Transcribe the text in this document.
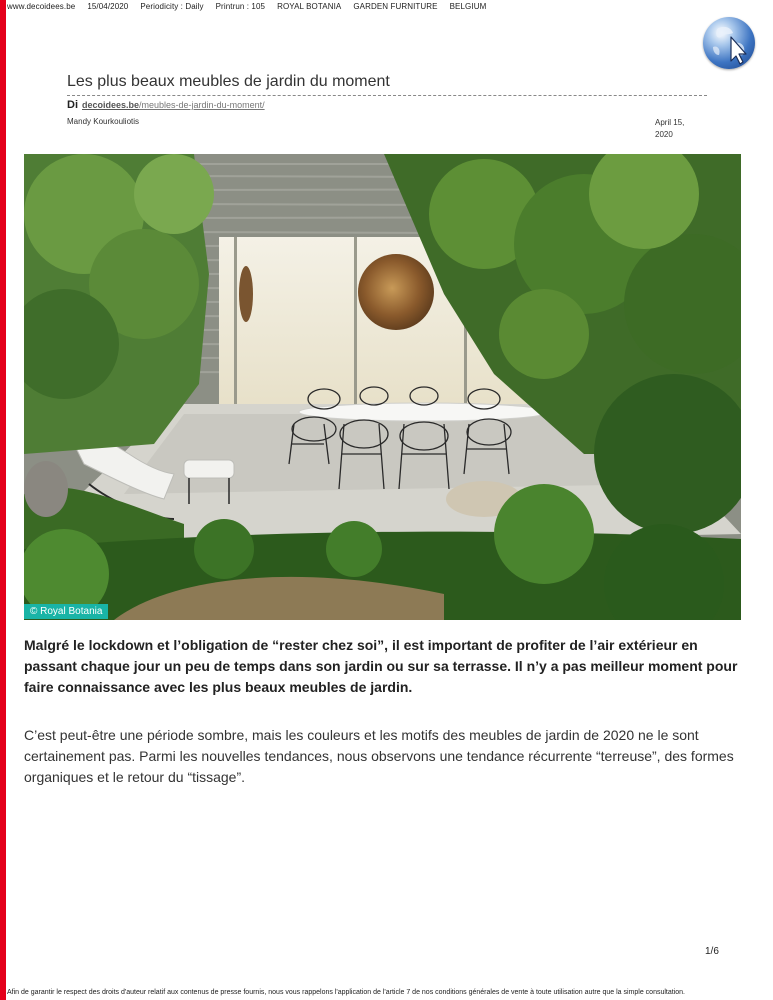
www.decoidees.be 15/04/2020 Periodicity : Daily Printrun : 105 ROYAL BOTANIA GARDEN FURNITURE BELGIUM
Les plus beaux meubles de jardin du moment
Di decoidees.be/meubles-de-jardin-du-moment/
Mandy Kourkouliotis	April 15,
2020
© Royal Botania
Malgré le lockdown et l’obligation de “rester chez soi”, il est important de profiter de l’air extérieur en passant chaque jour un peu de temps dans son jardin ou sur sa terrasse. Il n’y a pas meilleur moment pour faire connaissance avec les plus beaux meubles de jardin.
C’est peut-être une période sombre, mais les couleurs et les motifs des meubles de jardin de 2020 ne le sont certainement pas. Parmi les nouvelles tendances, nous observons une tendance récurrente “terreuse”, des formes organiques et le retour du “tissage”.
1/6
Afin de garantir le respect des droits d'auteur relatif aux contenus de presse fournis, nous vous rappelons l'application de l'article 7 de nos conditions générales de vente à toute utilisation autre que la simple consultation.
